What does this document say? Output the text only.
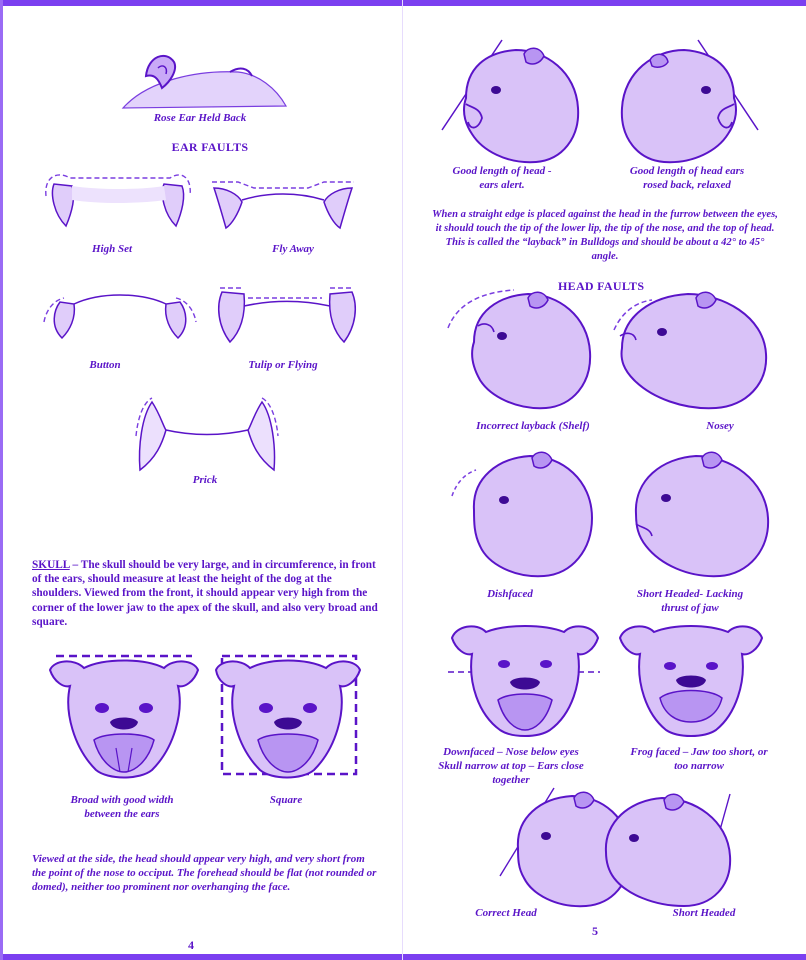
Rose Ear Held Back
EAR FAULTS
High Set	Fly Away
Button	Tulip or Flying
Prick
SKULL – The skull should be very large, and in circumference, in front of the ears, should measure at least the height of the dog at the shoulders. Viewed from the front, it should appear very high from the corner of the lower jaw to the apex of the skull, and also very broad and square.
Broad with good width between the ears
Square
Viewed at the side, the head should appear very high, and very short from the point of the nose to occiput. The forehead should be flat (not rounded or domed), neither too prominent nor overhanging the face.
4
Good length of head - ears alert.
Good length of head ears rosed back, relaxed
When a straight edge is placed against the head in the furrow between the eyes, it should touch the tip of the lower lip, the tip of the nose, and the top of head. This is called the “layback” in Bulldogs and should be about a 42° to 45° angle.
HEAD FAULTS
Incorrect layback (Shelf)	Nosey
Dishfaced	Short Headed- Lacking thrust of jaw
Downfaced – Nose below eyes Skull narrow at top – Ears close together
Frog faced – Jaw too short, or too narrow
Correct Head	Short Headed
5
